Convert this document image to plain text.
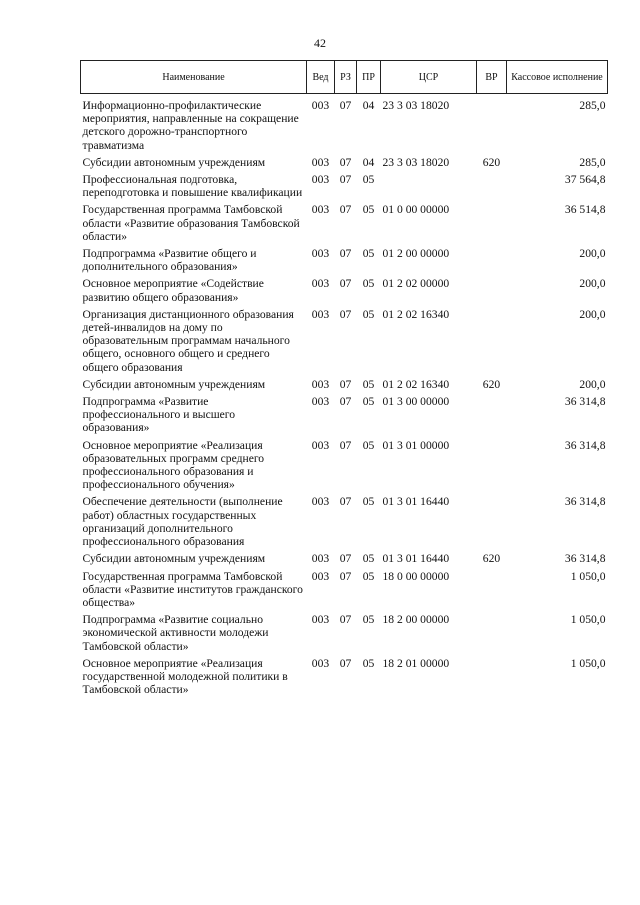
42
Наименование	Вед	РЗ	ПР	ЦСР	ВР	Кассовое исполнение

Информационно-профилактические мероприятия, направленные на сокращение детского дорожно-транспортного травматизма	003	07	04	23 3 03 18020		285,0
Субсидии автономным учреждениям	003	07	04	23 3 03 18020	620	285,0
Профессиональная подготовка, переподготовка и повышение квалификации	003	07	05			37 564,8
Государственная программа Тамбовской области «Развитие образования Тамбовской области»	003	07	05	01 0 00 00000		36 514,8
Подпрограмма «Развитие общего и дополнительного образования»	003	07	05	01 2 00 00000		200,0
Основное мероприятие «Содействие развитию общего образования»	003	07	05	01 2 02 00000		200,0
Организация дистанционного образования детей-инвалидов на дому по образовательным программам начального общего, основного общего и среднего общего образования	003	07	05	01 2 02 16340		200,0
Субсидии автономным учреждениям	003	07	05	01 2 02 16340	620	200,0
Подпрограмма «Развитие профессионального и высшего образования»	003	07	05	01 3 00 00000		36 314,8
Основное мероприятие «Реализация образовательных программ среднего профессионального образования и профессионального обучения»	003	07	05	01 3 01 00000		36 314,8
Обеспечение деятельности (выполнение работ) областных государственных организаций дополнительного профессионального образования	003	07	05	01 3 01 16440		36 314,8
Субсидии автономным учреждениям	003	07	05	01 3 01 16440	620	36 314,8
Государственная программа Тамбовской области «Развитие институтов гражданского общества»	003	07	05	18 0 00 00000		1 050,0
Подпрограмма «Развитие социально экономической активности молодежи Тамбовской области»	003	07	05	18 2 00 00000		1 050,0
Основное мероприятие «Реализация государственной молодежной политики в Тамбовской области»	003	07	05	18 2 01 00000		1 050,0
